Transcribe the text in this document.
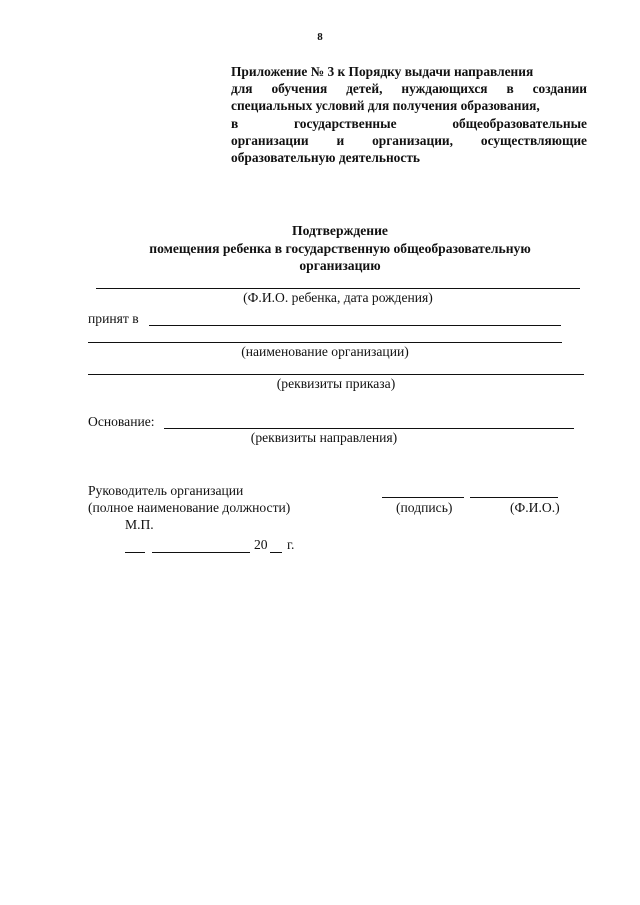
8
Приложение № 3 к Порядку выдачи направления
для обучения детей, нуждающихся в создании
специальных условий для получения образования,
в государственные общеобразовательные
организации и организации, осуществляющие
образовательную деятельность
Подтверждение
помещения ребенка в государственную общеобразовательную
организацию
(Ф.И.О. ребенка, дата рождения)
принят в
(наименование организации)
(реквизиты приказа)
Основание:
(реквизиты направления)
Руководитель организации
(полное наименование должности)	(подпись)	(Ф.И.О.)
М.П.
20 г.
